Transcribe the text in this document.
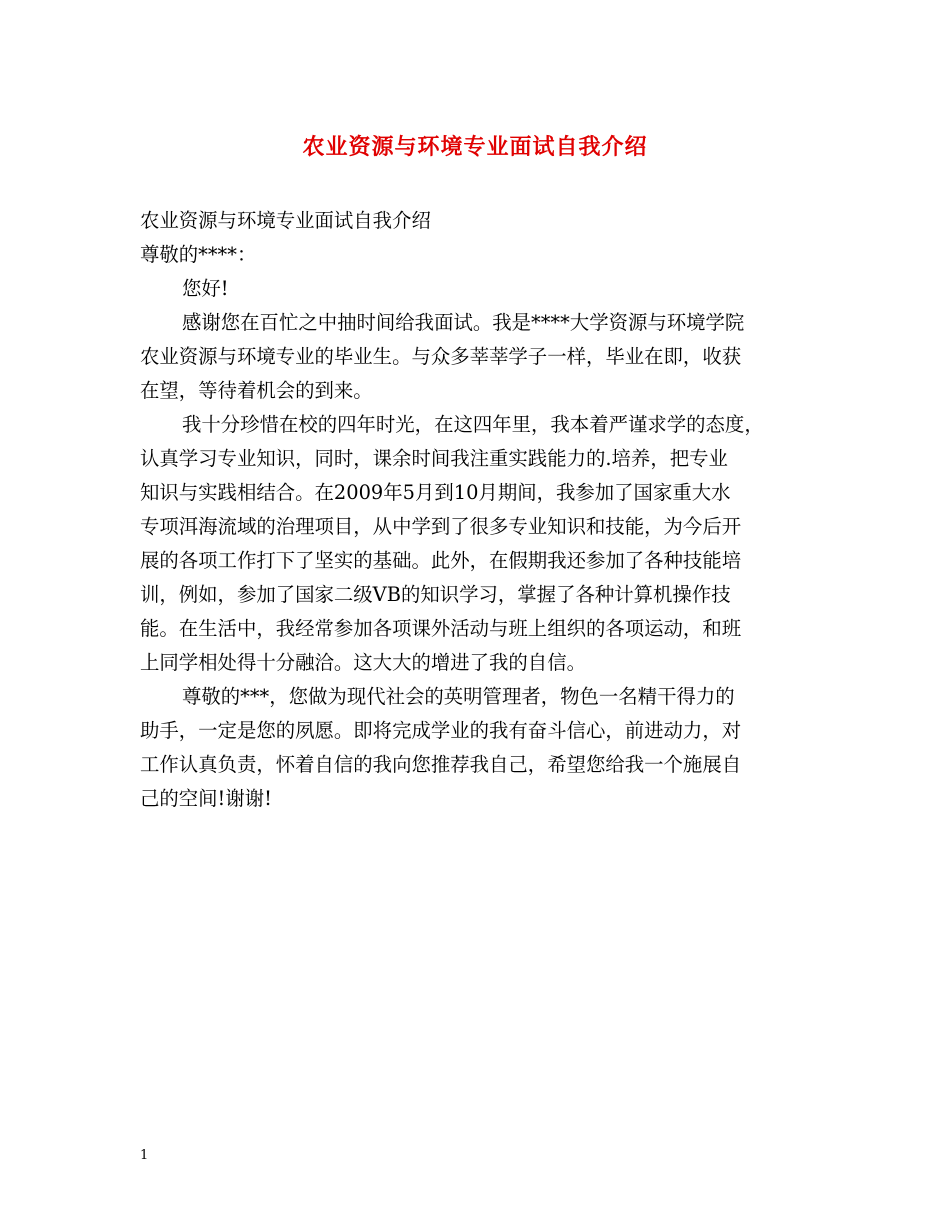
农业资源与环境专业面试自我介绍
农业资源与环境专业面试自我介绍
尊敬的****：
您好!
感谢您在百忙之中抽时间给我面试。我是****大学资源与环境学院
农业资源与环境专业的毕业生。与众多莘莘学子一样，毕业在即，收获
在望，等待着机会的到来。
我十分珍惜在校的四年时光，在这四年里，我本着严谨求学的态度，
认真学习专业知识，同时，课余时间我注重实践能力的.培养，把专业
知识与实践相结合。在2009年5月到10月期间，我参加了国家重大水
专项洱海流域的治理项目，从中学到了很多专业知识和技能，为今后开
展的各项工作打下了坚实的基础。此外，在假期我还参加了各种技能培
训，例如，参加了国家二级VB的知识学习，掌握了各种计算机操作技
能。在生活中，我经常参加各项课外活动与班上组织的各项运动，和班
上同学相处得十分融洽。这大大的增进了我的自信。
尊敬的***，您做为现代社会的英明管理者，物色一名精干得力的
助手，一定是您的夙愿。即将完成学业的我有奋斗信心，前进动力，对
工作认真负责，怀着自信的我向您推荐我自己，希望您给我一个施展自
己的空间!谢谢!
1
